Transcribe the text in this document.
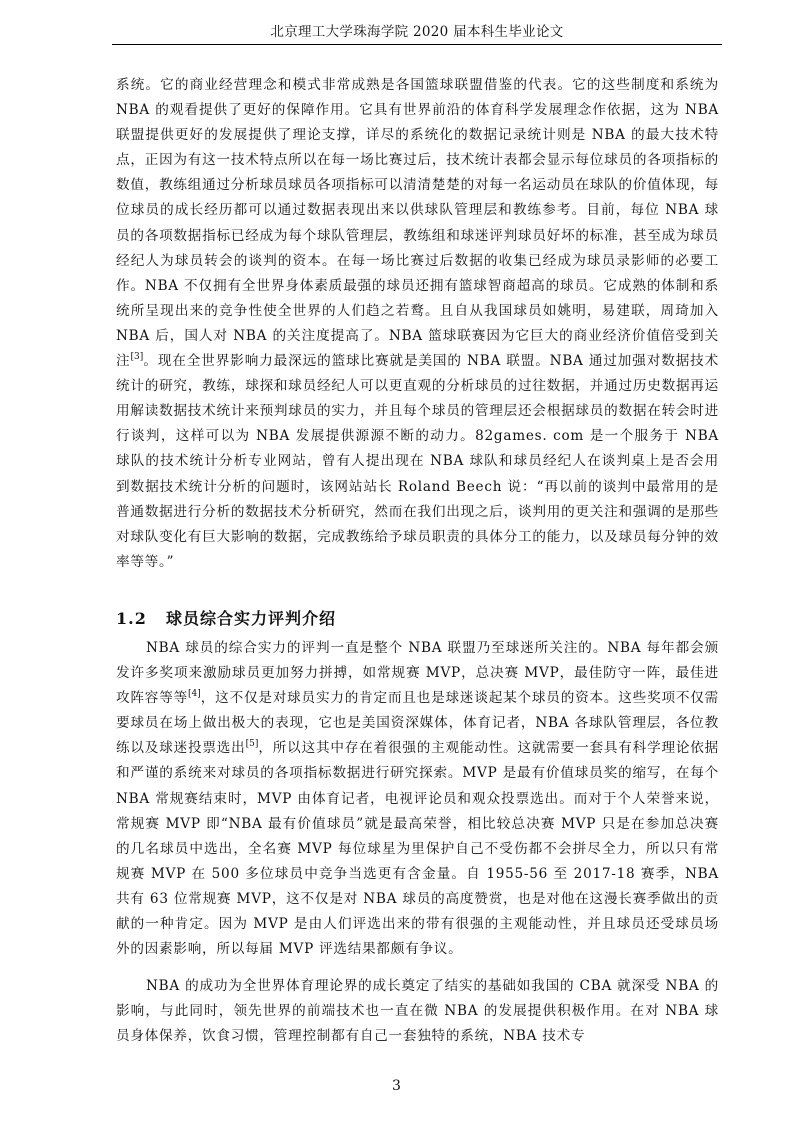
北京理工大学珠海学院 2020 届本科生毕业论文

系统。它的商业经营理念和模式非常成熟是各国篮球联盟借鉴的代表。它的这些制度和系统为 NBA 的观看提供了更好的保障作用。它具有世界前沿的体育科学发展理念作依据，这为 NBA 联盟提供更好的发展提供了理论支撑，详尽的系统化的数据记录统计则是 NBA 的最大技术特点，正因为有这一技术特点所以在每一场比赛过后，技术统计表都会显示每位球员的各项指标的数值，教练组通过分析球员球员各项指标可以清清楚楚的对每一名运动员在球队的价值体现，每位球员的成长经历都可以通过数据表现出来以供球队管理层和教练参考。目前，每位 NBA 球员的各项数据指标已经成为每个球队管理层，教练组和球迷评判球员好坏的标准，甚至成为球员经纪人为球员转会的谈判的资本。在每一场比赛过后数据的收集已经成为球员录影师的必要工作。NBA 不仅拥有全世界身体素质最强的球员还拥有篮球智商超高的球员。它成熟的体制和系统所呈现出来的竞争性使全世界的人们趋之若鹜。且自从我国球员如姚明，易建联，周琦加入 NBA 后，国人对 NBA 的关注度提高了。NBA 篮球联赛因为它巨大的商业经济价值倍受到关注[3]。现在全世界影响力最深远的篮球比赛就是美国的 NBA 联盟。NBA 通过加强对数据技术统计的研究，教练，球探和球员经纪人可以更直观的分析球员的过往数据，并通过历史数据再运用解读数据技术统计来预判球员的实力，并且每个球员的管理层还会根据球员的数据在转会时进行谈判，这样可以为 NBA 发展提供源源不断的动力。82games. com 是一个服务于 NBA 球队的技术统计分析专业网站，曾有人提出现在 NBA 球队和球员经纪人在谈判桌上是否会用到数据技术统计分析的问题时，该网站站长 Roland Beech 说：“再以前的谈判中最常用的是普通数据进行分析的数据技术分析研究，然而在我们出现之后，谈判用的更关注和强调的是那些对球队变化有巨大影响的数据，完成教练给予球员职责的具体分工的能力，以及球员每分钟的效率等等。”

1.2 球员综合实力评判介绍

NBA 球员的综合实力的评判一直是整个 NBA 联盟乃至球迷所关注的。NBA 每年都会颁发许多奖项来激励球员更加努力拼搏，如常规赛 MVP，总决赛 MVP，最佳防守一阵，最佳进攻阵容等等[4]，这不仅是对球员实力的肯定而且也是球迷谈起某个球员的资本。这些奖项不仅需要球员在场上做出极大的表现，它也是美国资深媒体，体育记者，NBA 各球队管理层，各位教练以及球迷投票选出[5]，所以这其中存在着很强的主观能动性。这就需要一套具有科学理论依据和严谨的系统来对球员的各项指标数据进行研究探索。MVP 是最有价值球员奖的缩写，在每个 NBA 常规赛结束时，MVP 由体育记者，电视评论员和观众投票选出。而对于个人荣誉来说，常规赛 MVP 即“NBA 最有价值球员”就是最高荣誉，相比较总决赛 MVP 只是在参加总决赛的几名球员中选出，全名赛 MVP 每位球星为里保护自己不受伤都不会拼尽全力，所以只有常规赛 MVP 在 500 多位球员中竞争当选更有含金量。自 1955-56 至 2017-18 赛季，NBA 共有 63 位常规赛 MVP，这不仅是对 NBA 球员的高度赞赏，也是对他在这漫长赛季做出的贡献的一种肯定。因为 MVP 是由人们评选出来的带有很强的主观能动性，并且球员还受球员场外的因素影响，所以每届 MVP 评选结果都颇有争议。

NBA 的成功为全世界体育理论界的成长奠定了结实的基础如我国的 CBA 就深受 NBA 的影响，与此同时，领先世界的前端技术也一直在微 NBA 的发展提供积极作用。在对 NBA 球员身体保养，饮食习惯，管理控制都有自己一套独特的系统，NBA 技术专

3
